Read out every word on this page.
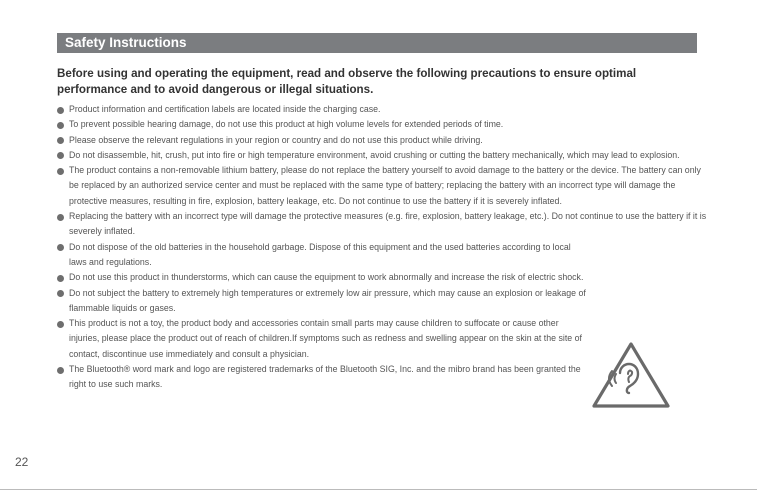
Safety Instructions
Before using and operating the equipment, read and observe the following precautions to ensure optimal performance and to avoid dangerous or illegal situations.
Product information and certification labels are located inside the charging case.
To prevent possible hearing damage, do not use this product at high volume levels for extended periods of time.
Please observe the relevant regulations in your region or country and do not use this product while driving.
Do not disassemble, hit, crush, put into fire or high temperature environment, avoid crushing or cutting the battery mechanically, which may lead to explosion.
The product contains a non-removable lithium battery, please do not replace the battery yourself to avoid damage to the battery or the device. The battery can only be replaced by an authorized service center and must be replaced with the same type of battery; replacing the battery with an incorrect type will damage the protective measures, resulting in fire, explosion, battery leakage, etc. Do not continue to use the battery if it is severely inflated.
Replacing the battery with an incorrect type will damage the protective measures (e.g. fire, explosion, battery leakage, etc.). Do not continue to use the battery if it is severely inflated.
Do not dispose of the old batteries in the household garbage. Dispose of this equipment and the used batteries according to local laws and regulations.
Do not use this product in thunderstorms, which can cause the equipment to work abnormally and increase the risk of electric shock.
Do not subject the battery to extremely high temperatures or extremely low air pressure, which may cause an explosion or leakage of flammable liquids or gases.
This product is not a toy, the product body and accessories contain small parts may cause children to suffocate or cause other injuries, please place the product out of reach of children.If symptoms such as redness and swelling appear on the skin at the site of contact, discontinue use immediately and consult a physician.
The Bluetooth® word mark and logo are registered trademarks of the Bluetooth SIG, Inc. and the mibro brand has been granted the right to use such marks.
22
